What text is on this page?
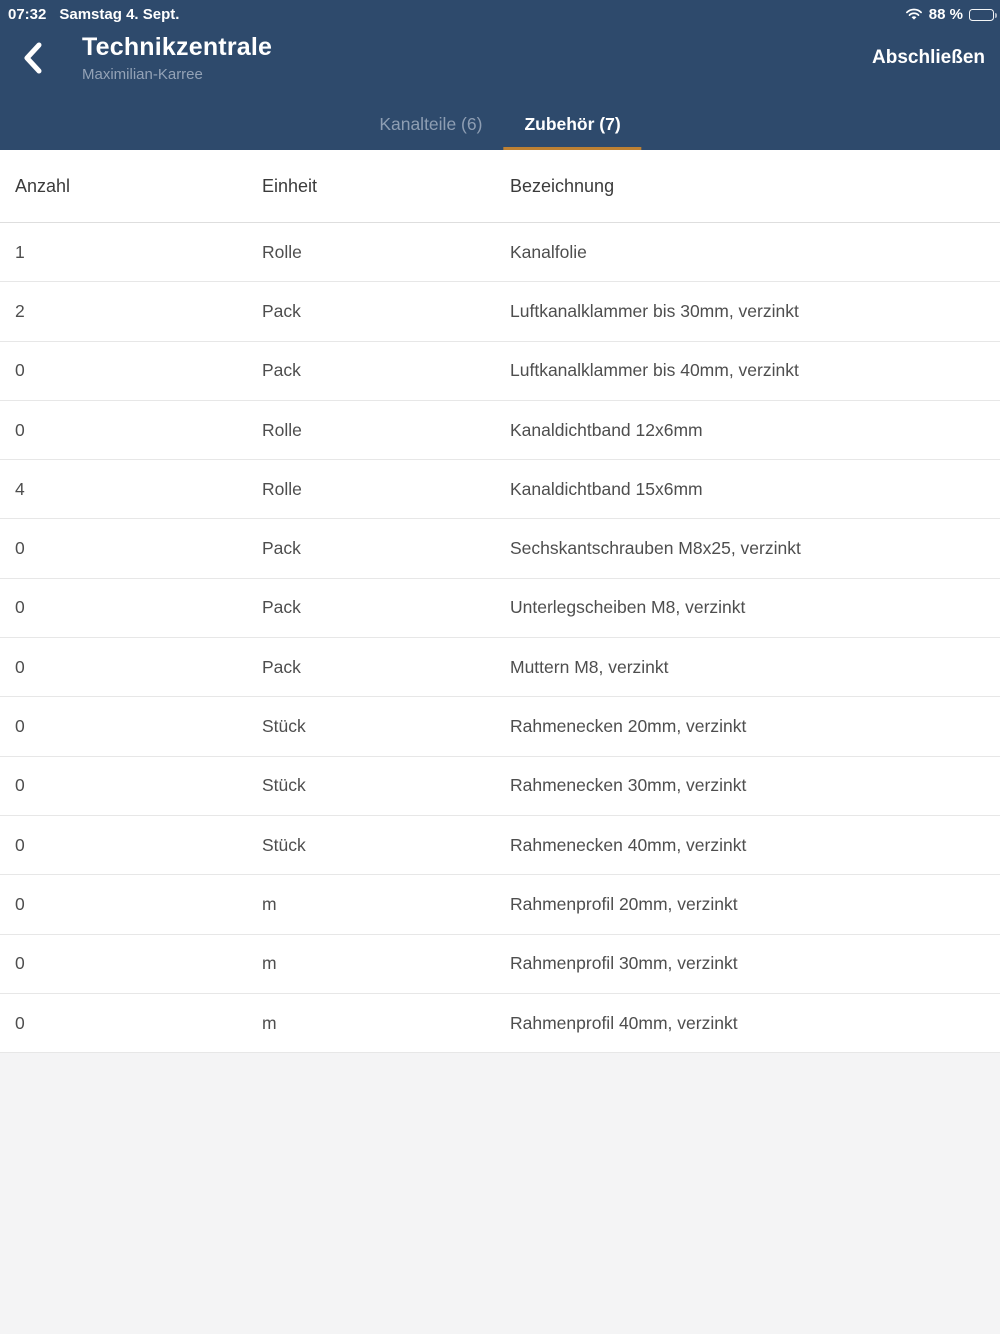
07:32 Samstag 4. Sept.	88 %
Technikzentrale
Maximilian-Karree
Abschließen
Kanalteile (6)	Zubehör (7)
Anzahl	Einheit	Bezeichnung
1	Rolle	Kanalfolie
2	Pack	Luftkanalklammer bis 30mm, verzinkt
0	Pack	Luftkanalklammer bis 40mm, verzinkt
0	Rolle	Kanaldichtband 12x6mm
4	Rolle	Kanaldichtband 15x6mm
0	Pack	Sechskantschrauben M8x25, verzinkt
0	Pack	Unterlegscheiben M8, verzinkt
0	Pack	Muttern M8, verzinkt
0	Stück	Rahmenecken 20mm, verzinkt
0	Stück	Rahmenecken 30mm, verzinkt
0	Stück	Rahmenecken 40mm, verzinkt
0	m	Rahmenprofil 20mm, verzinkt
0	m	Rahmenprofil 30mm, verzinkt
0	m	Rahmenprofil 40mm, verzinkt
